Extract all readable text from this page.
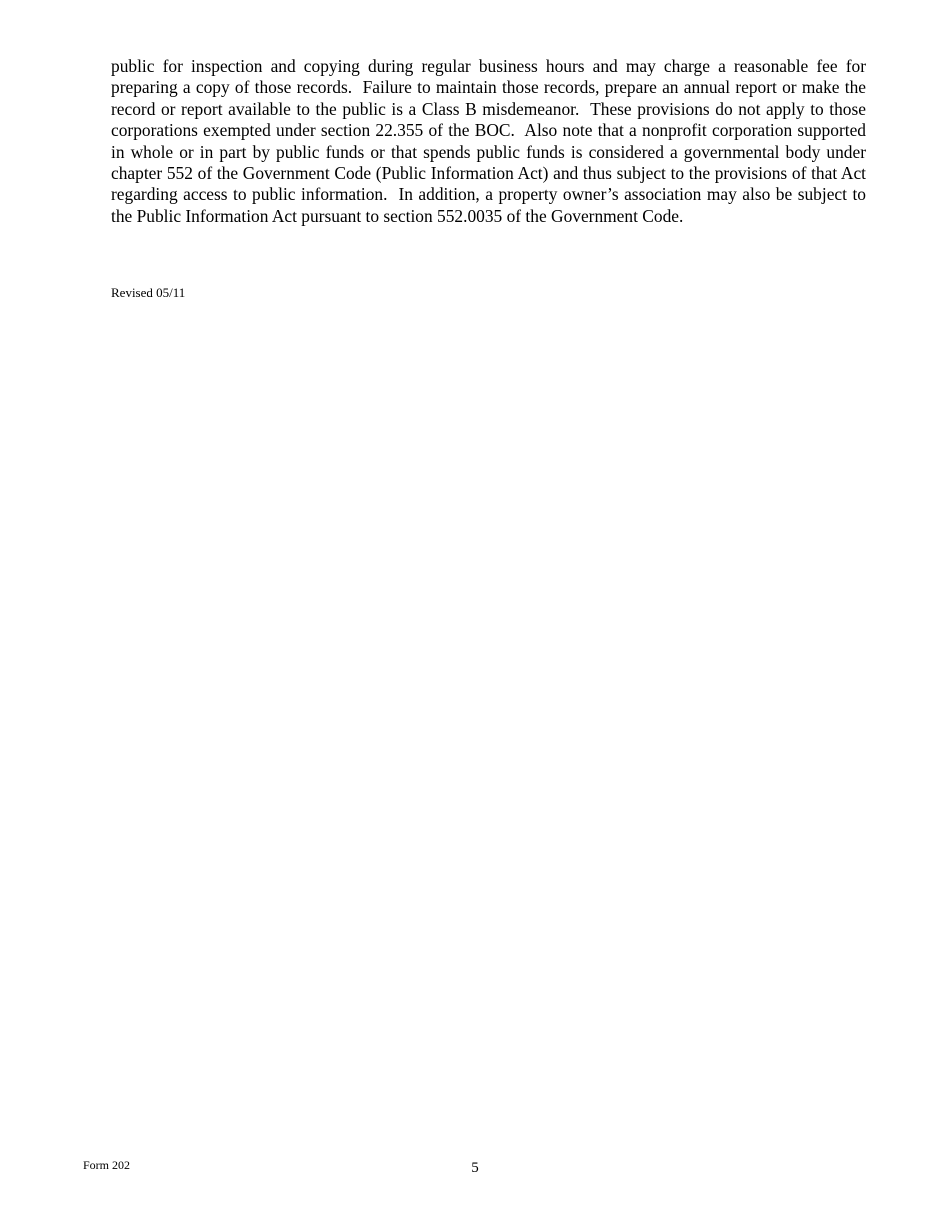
public for inspection and copying during regular business hours and may charge a reasonable fee for preparing a copy of those records.  Failure to maintain those records, prepare an annual report or make the record or report available to the public is a Class B misdemeanor.  These provisions do not apply to those corporations exempted under section 22.355 of the BOC.  Also note that a nonprofit corporation supported in whole or in part by public funds or that spends public funds is considered a governmental body under chapter 552 of the Government Code (Public Information Act) and thus subject to the provisions of that Act regarding access to public information.  In addition, a property owner’s association may also be subject to the Public Information Act pursuant to section 552.0035 of the Government Code.

Revised 05/11

Form 202	5
